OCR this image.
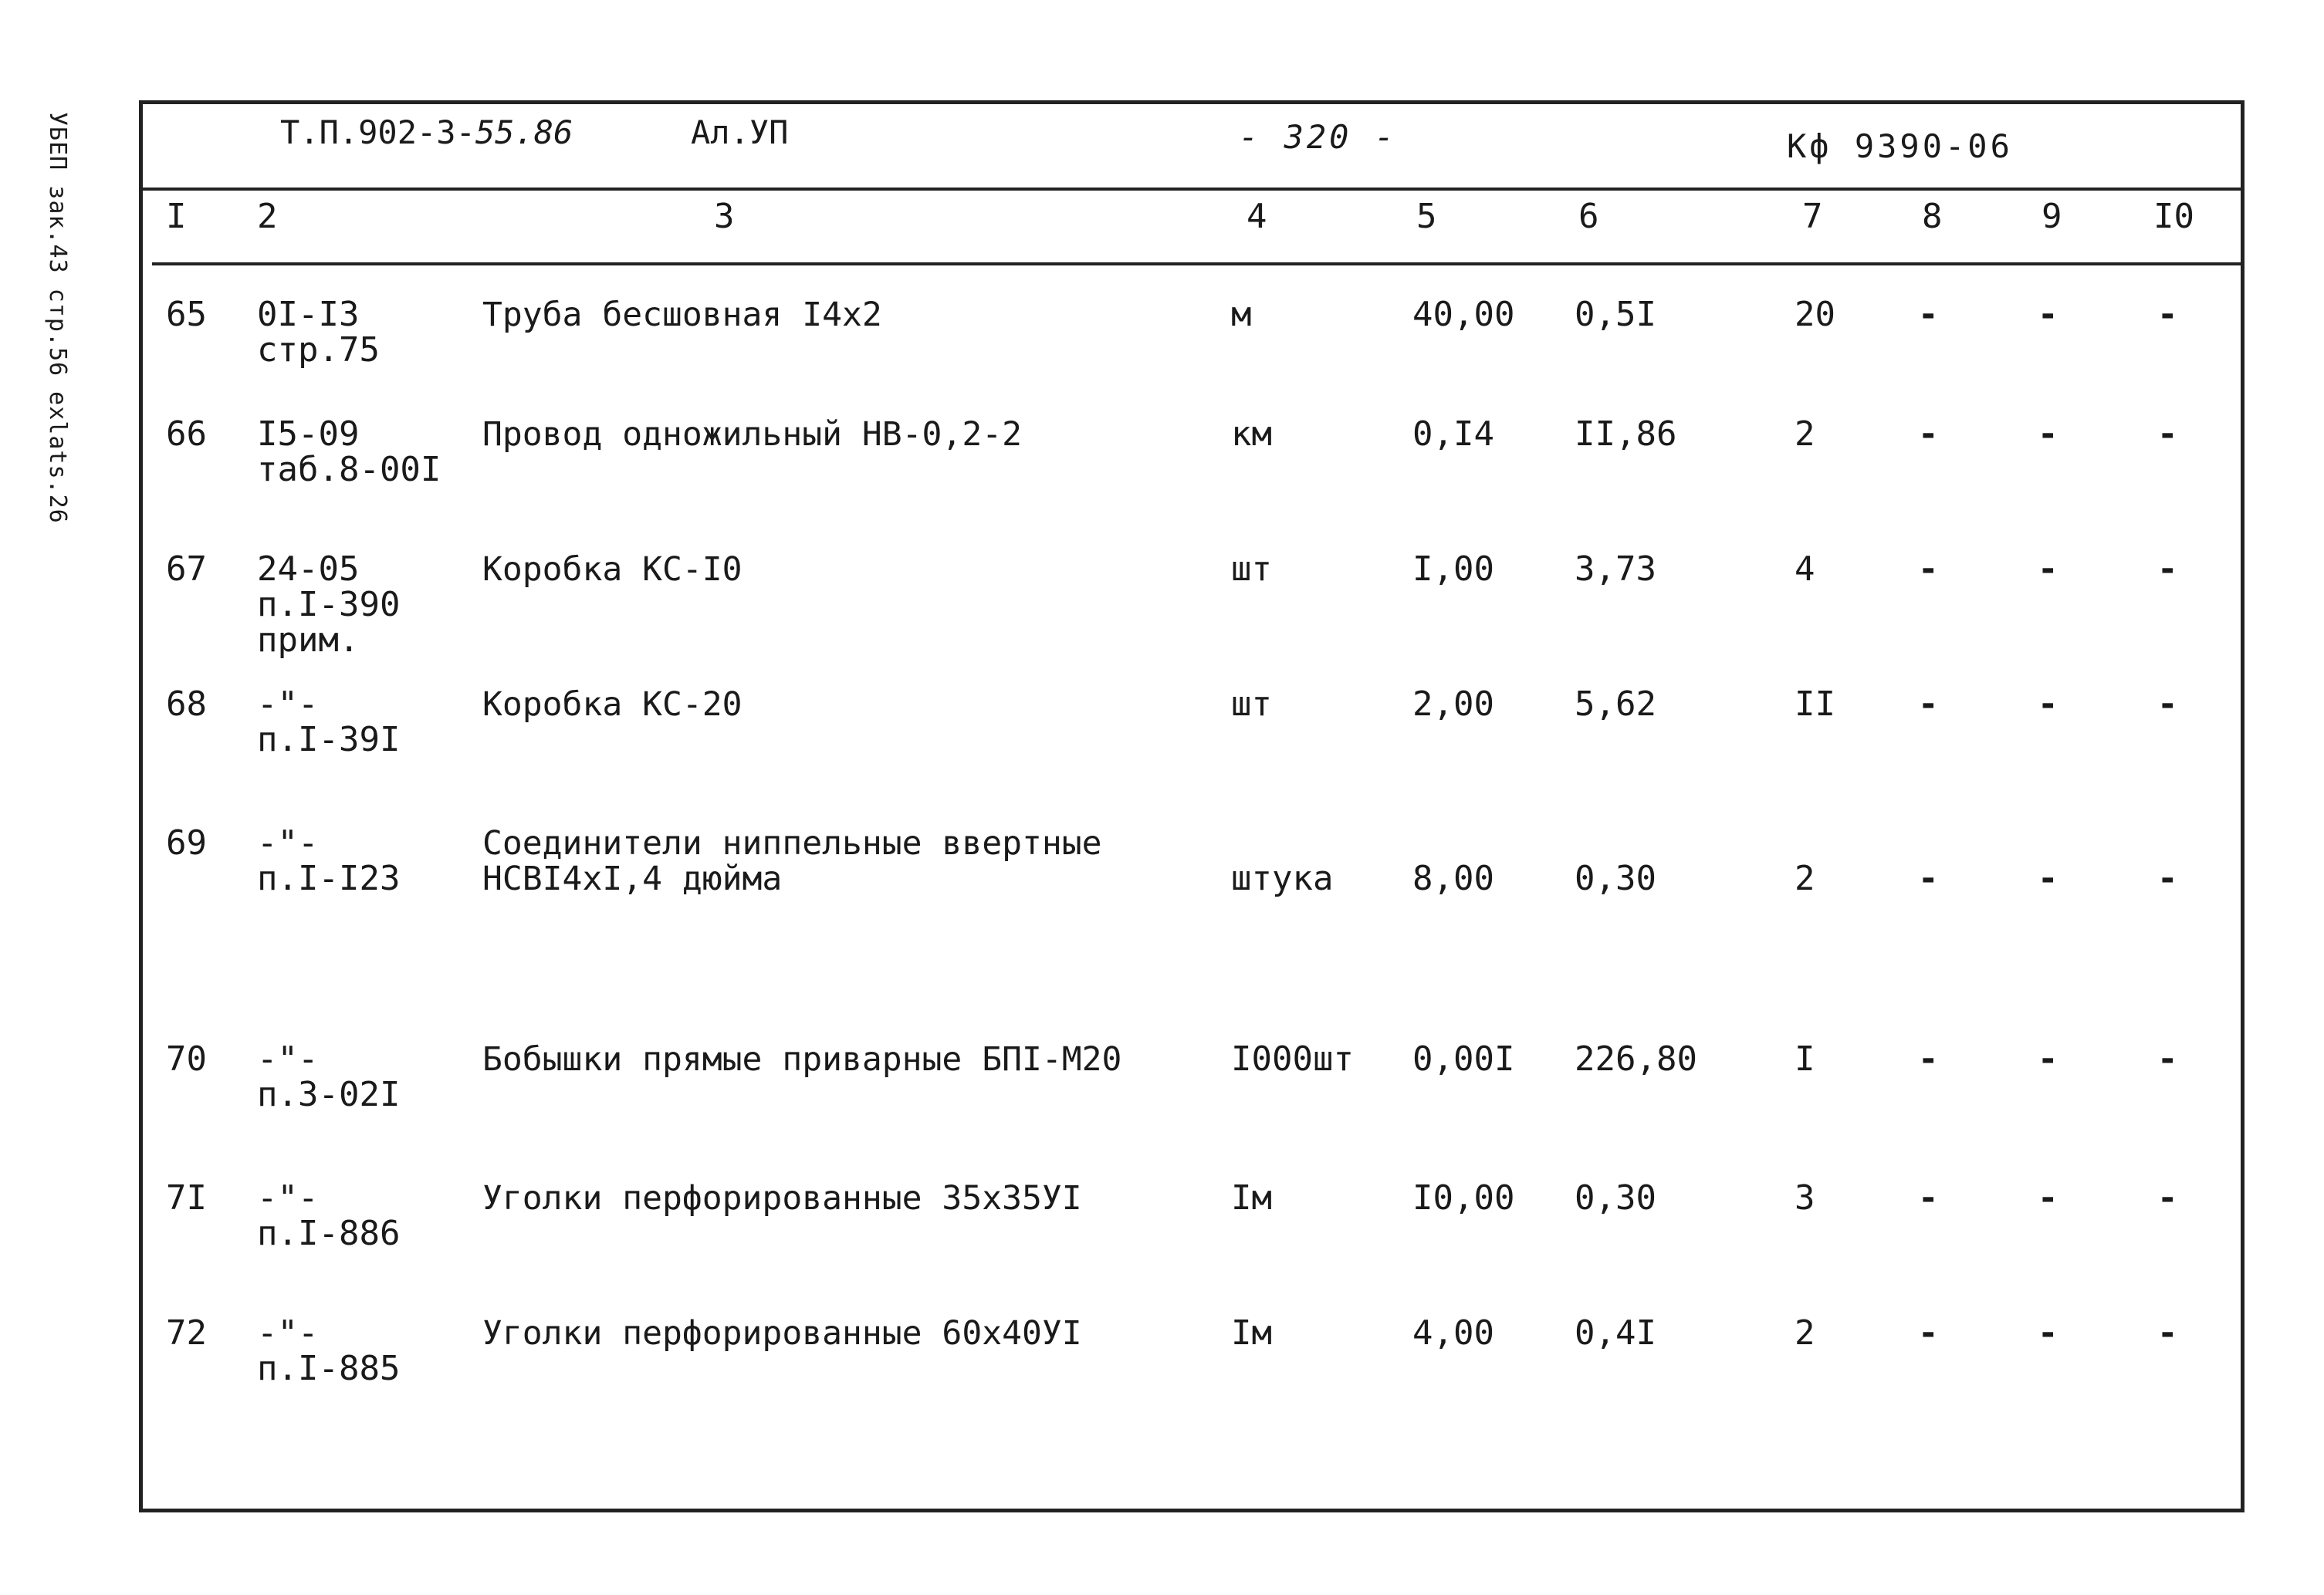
УБЕП зак.43 стр.56 exlats.26	Т.П.902-3-55.86	Ал.УП	- 320 -	Кф 9390-06
I 2	3	4	5	6	7	8	9	I0
65 0I-I3
стр.75
Труба бесшовная I4x2	м	40,00 0,5I	20 -	-	-
66 I5-09
таб.8-00I
Провод одножильный НВ-0,2-2	км	0,I4 II,86	2	-	-	-
67 24-05
п.I-390
прим.
Коробка КС-I0	шт	I,00 3,73	4	-	-	-
68 -"-
п.I-39I
Коробка КС-20	шт	2,00 5,62	II -	-	-
69 -"-
п.I-I23
Соединители ниппельные ввертные
НСВI4xI,4 дюйма	штука 8,00 0,30	2	-	-	-
70 -"-
п.3-02I
Бобышки прямые приварные БПI-М20	I000шт 0,00I 226,80	I	-	-	-
7I -"-
п.I-886
Уголки перфорированные 35x35УI	Iм	I0,00 0,30	3	-	-	-
72 -"-
п.I-885
Уголки перфорированные 60x40УI	Iм	4,00 0,4I	2	-	-	-
